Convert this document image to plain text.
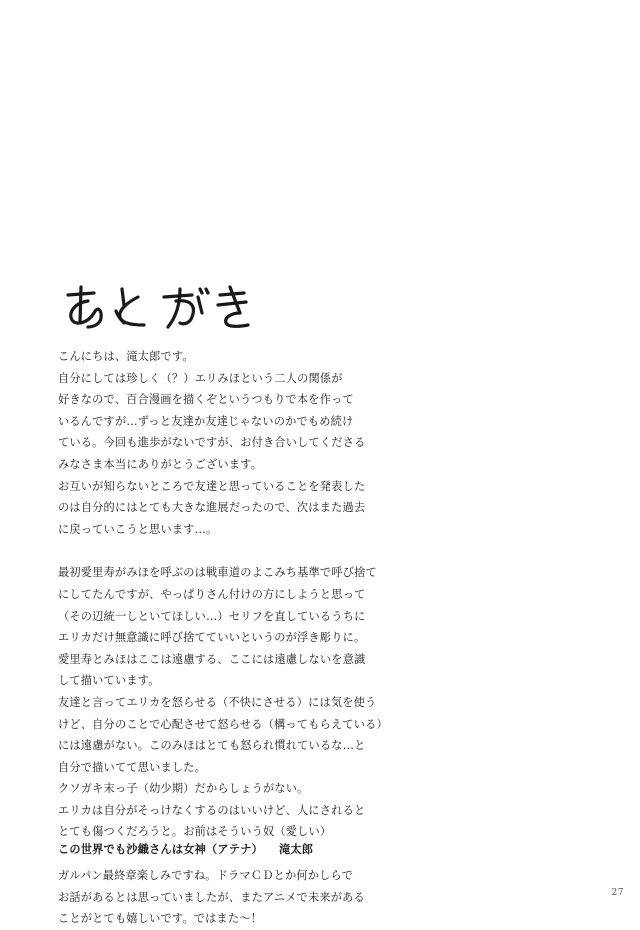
こんにちは、滝太郎です。
自分にしては珍しく（？）エリみほという二人の関係が
好きなので、百合漫画を描くぞというつもりで本を作って
いるんですが…ずっと友達か友達じゃないのかでもめ続け
ている。今回も進歩がないですが、お付き合いしてくださる
みなさま本当にありがとうございます。
お互いが知らないところで友達と思っていることを発表した
のは自分的にはとても大きな進展だったので、次はまた過去
に戻っていこうと思います…。

最初愛里寿がみほを呼ぶのは戦車道のよこみち基準で呼び捨て
にしてたんですが、やっぱりさん付けの方にしようと思って
（その辺統一しといてほしい…）セリフを直しているうちに
エリカだけ無意識に呼び捨てていいというのが浮き彫りに。
愛里寿とみほはここは遠慮する、ここには遠慮しないを意識
して描いています。
友達と言ってエリカを怒らせる（不快にさせる）には気を使う
けど、自分のことで心配させて怒らせる（構ってもらえている）
には遠慮がない。このみほはとても怒られ慣れているな…と
自分で描いてて思いました。
クソガキ末っ子（幼少期）だからしょうがない。
エリカは自分がそっけなくするのはいいけど、人にされると
とても傷つくだろうと。お前はそういう奴（愛しい）

ガルパン最終章楽しみですね。ドラマＣＤとか何かしらで
お話があるとは思っていましたが、またアニメで未来がある
ことがとても嬉しいです。ではまた〜！

この世界でも沙織さんは女神（アテナ） 滝太郎
27
